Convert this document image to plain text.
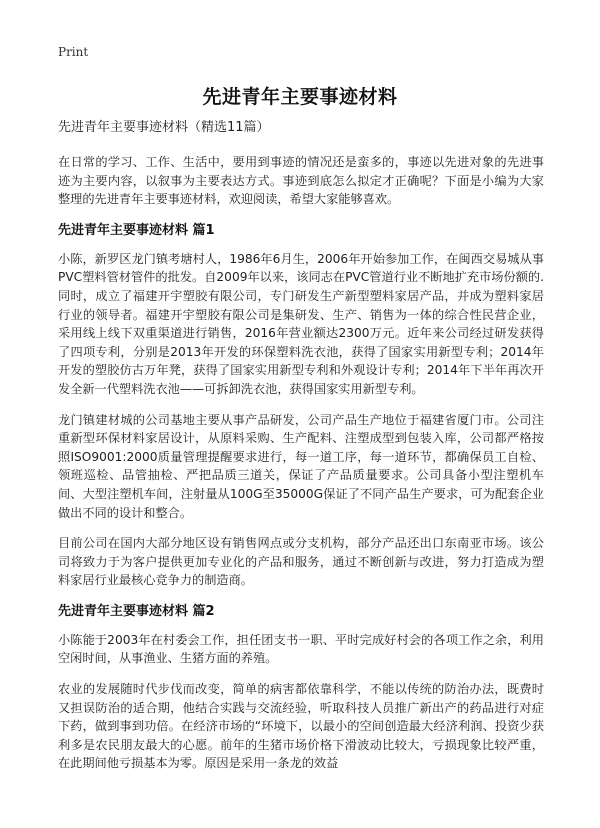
Print
先进青年主要事迹材料

先进青年主要事迹材料（精选11篇）

在日常的学习、工作、生活中，要用到事迹的情况还是蛮多的，事迹以先进对象的先进事迹为主要内容，以叙事为主要表达方式。事迹到底怎么拟定才正确呢？下面是小编为大家整理的先进青年主要事迹材料，欢迎阅读，希望大家能够喜欢。

先进青年主要事迹材料 篇1

小陈，新罗区龙门镇考塘村人，1986年6月生，2006年开始参加工作，在闽西交易城从事PVC塑料管材管件的批发。自2009年以来，该同志在PVC管道行业不断地扩充市场份额的.同时，成立了福建开宇塑胶有限公司，专门研发生产新型塑料家居产品，并成为塑料家居行业的领导者。福建开宇塑胶有限公司是集研发、生产、销售为一体的综合性民营企业，采用线上线下双重渠道进行销售，2016年营业额达2300万元。近年来公司经过研发获得了四项专利，分别是2013年开发的环保塑料洗衣池，获得了国家实用新型专利；2014年开发的塑胶仿古万年凳，获得了国家实用新型专利和外观设计专利；2014年下半年再次开发全新一代塑料洗衣池——可拆卸洗衣池，获得国家实用新型专利。

龙门镇建材城的公司基地主要从事产品研发，公司产品生产地位于福建省厦门市。公司注重新型环保材料家居设计，从原料采购、生产配料、注塑成型到包装入库，公司都严格按照ISO9001:2000质量管理提醒要求进行，每一道工序，每一道环节，都确保员工自检、领班巡检、品管抽检、严把品质三道关，保证了产品质量要求。公司具备小型注塑机车间、大型注塑机车间，注射量从100G至35000G保证了不同产品生产要求，可为配套企业做出不同的设计和整合。

目前公司在国内大部分地区设有销售网点或分支机构，部分产品还出口东南亚市场。该公司将致力于为客户提供更加专业化的产品和服务，通过不断创新与改进，努力打造成为塑料家居行业最核心竞争力的制造商。

先进青年主要事迹材料 篇2

小陈能于2003年在村委会工作，担任团支书一职、平时完成好村会的各项工作之余，利用空闲时间，从事渔业、生猪方面的养殖。

农业的发展随时代步伐而改变，简单的病害都依靠科学，不能以传统的防治办法，既费时又担误防治的适合期，他结合实践与交流经验，听取科技人员推广新出产的药品进行对症下药，做到事到功倍。在经济市场的“环境下，以最小的空间创造最大经济利润、投资少获利多是农民朋友最大的心愿。前年的生猪市场价格下滑波动比较大，亏损现象比较严重，在此期间他亏损基本为零。原因是采用一条龙的效益
